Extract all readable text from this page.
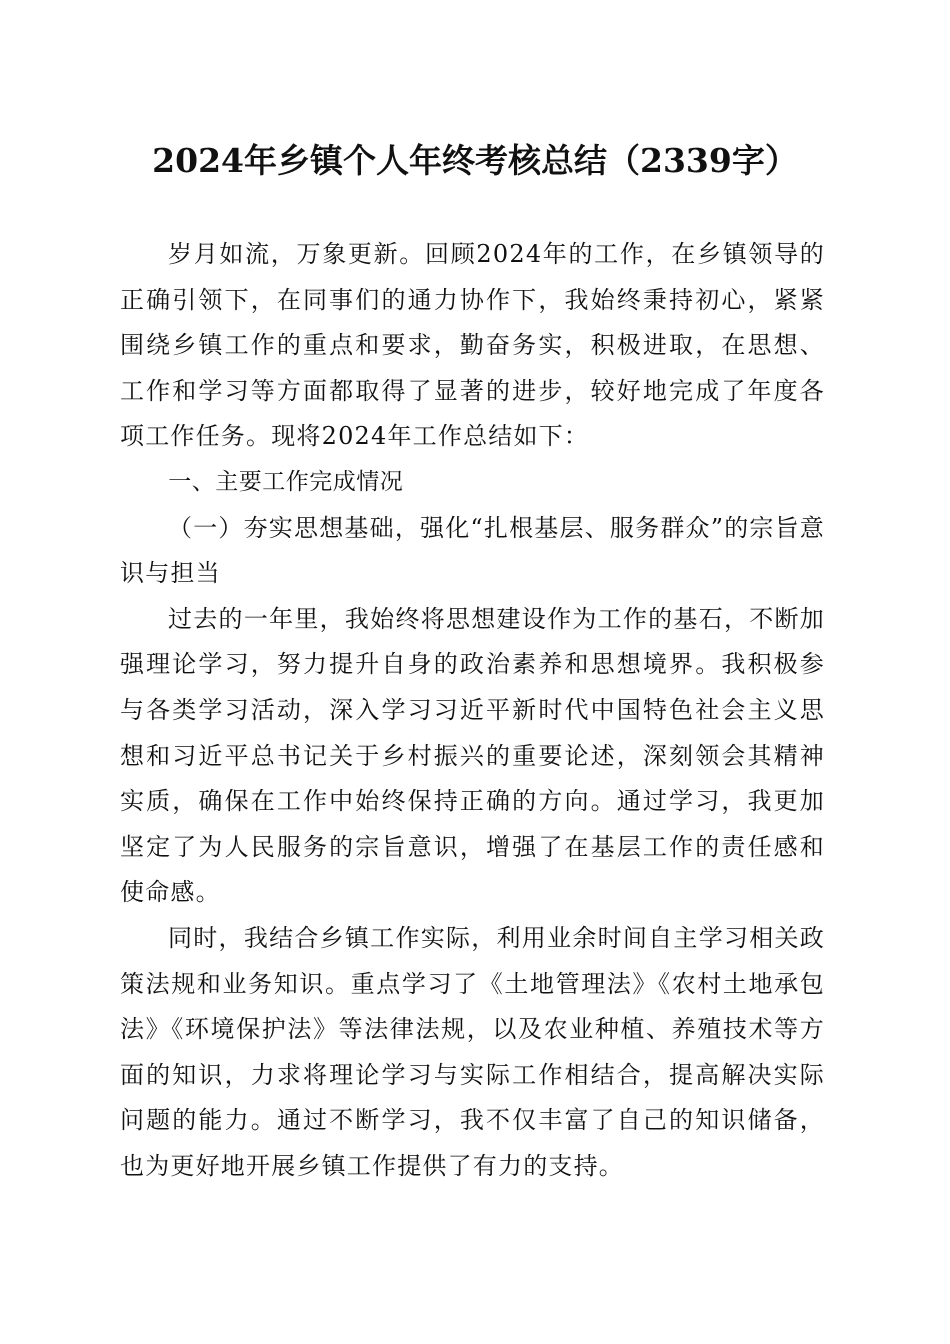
2024年乡镇个人年终考核总结（2339字）

岁月如流，万象更新。回顾2024年的工作，在乡镇领导的正确引领下，在同事们的通力协作下，我始终秉持初心，紧紧围绕乡镇工作的重点和要求，勤奋务实，积极进取，在思想、工作和学习等方面都取得了显著的进步，较好地完成了年度各项工作任务。现将2024年工作总结如下：

一、主要工作完成情况

（一）夯实思想基础，强化“扎根基层、服务群众”的宗旨意识与担当

过去的一年里，我始终将思想建设作为工作的基石，不断加强理论学习，努力提升自身的政治素养和思想境界。我积极参与各类学习活动，深入学习习近平新时代中国特色社会主义思想和习近平总书记关于乡村振兴的重要论述，深刻领会其精神实质，确保在工作中始终保持正确的方向。通过学习，我更加坚定了为人民服务的宗旨意识，增强了在基层工作的责任感和使命感。

同时，我结合乡镇工作实际，利用业余时间自主学习相关政策法规和业务知识。重点学习了《土地管理法》《农村土地承包法》《环境保护法》等法律法规，以及农业种植、养殖技术等方面的知识，力求将理论学习与实际工作相结合，提高解决实际问题的能力。通过不断学习，我不仅丰富了自己的知识储备，也为更好地开展乡镇工作提供了有力的支持。
